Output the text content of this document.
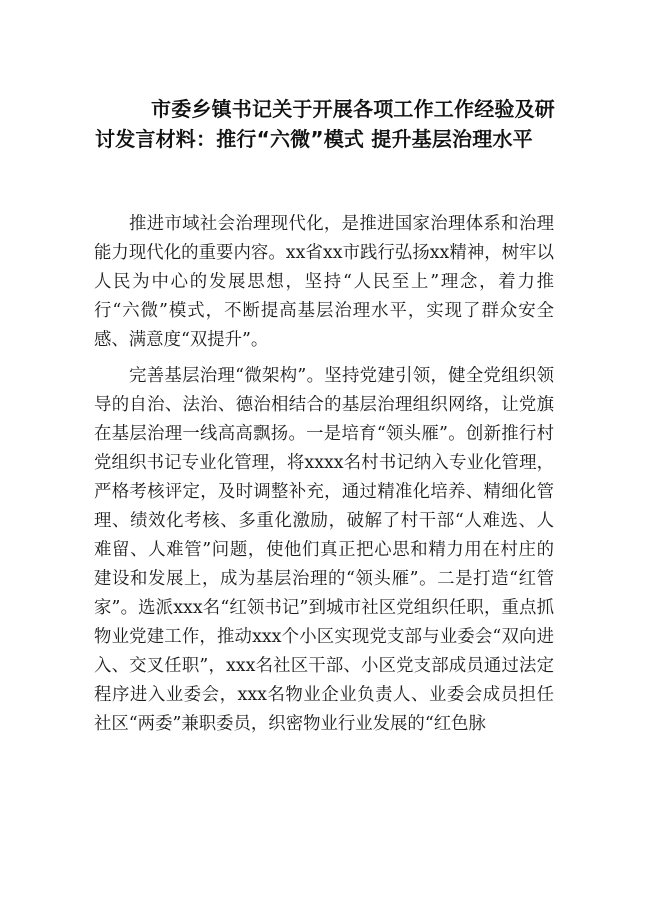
市委乡镇书记关于开展各项工作工作经验及研讨发言材料：推行“六微”模式 提升基层治理水平

推进市域社会治理现代化，是推进国家治理体系和治理能力现代化的重要内容。xx省xx市践行弘扬xx精神，树牢以人民为中心的发展思想，坚持“人民至上”理念，着力推行“六微”模式，不断提高基层治理水平，实现了群众安全感、满意度“双提升”。

完善基层治理“微架构”。坚持党建引领，健全党组织领导的自治、法治、德治相结合的基层治理组织网络，让党旗在基层治理一线高高飘扬。一是培育“领头雁”。创新推行村党组织书记专业化管理，将xxxx名村书记纳入专业化管理，严格考核评定，及时调整补充，通过精准化培养、精细化管理、绩效化考核、多重化激励，破解了村干部“人难选、人难留、人难管”问题，使他们真正把心思和精力用在村庄的建设和发展上，成为基层治理的“领头雁”。二是打造“红管家”。选派xxx名“红领书记”到城市社区党组织任职，重点抓物业党建工作，推动xxx个小区实现党支部与业委会“双向进入、交叉任职”，xxx名社区干部、小区党支部成员通过法定程序进入业委会，xxx名物业企业负责人、业委会成员担任社区“两委”兼职委员，织密物业行业发展的“红色脉
